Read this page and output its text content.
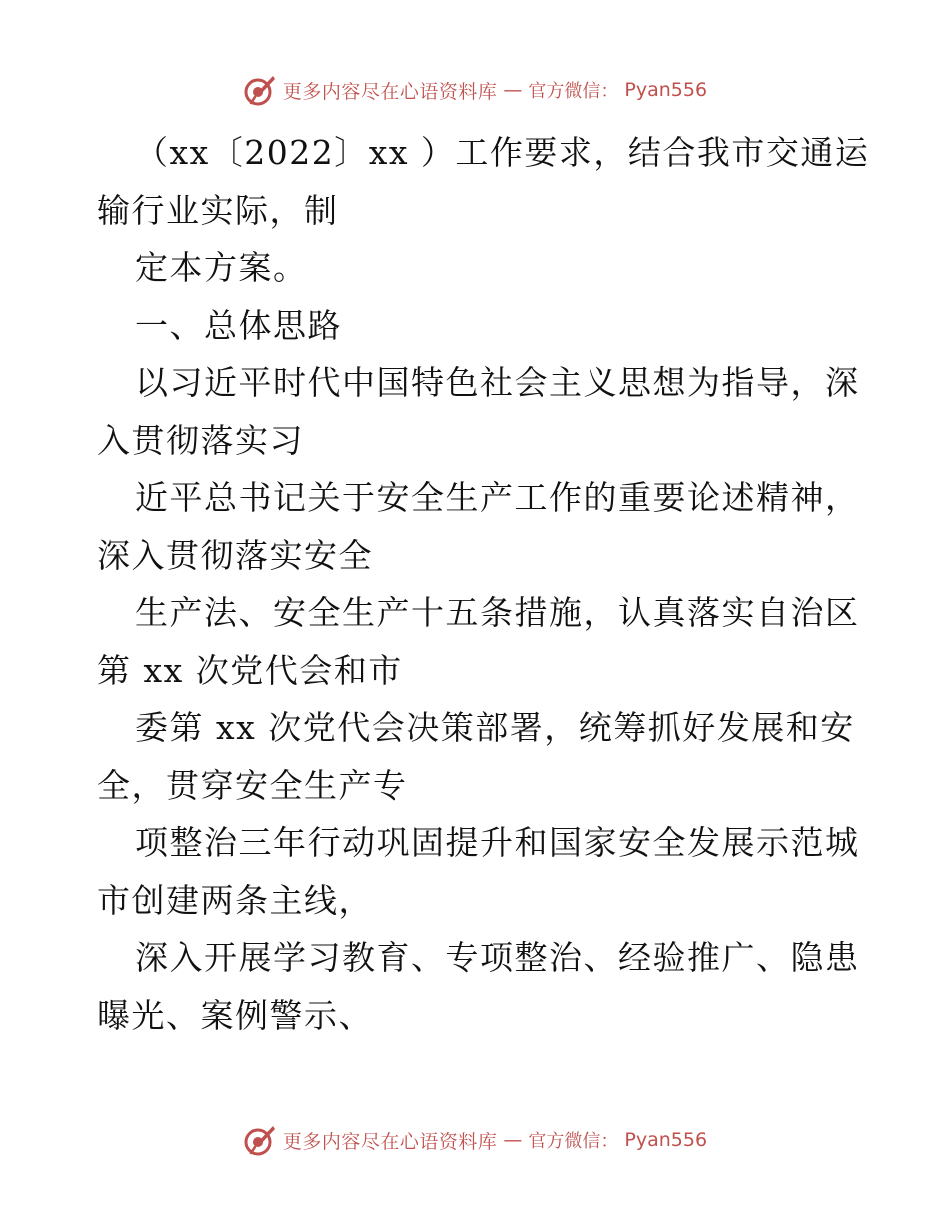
更多内容尽在心语资料库 — 官方微信： Pyan556
（xx〔2022〕xx ）工作要求，结合我市交通运
输行业实际，制
定本方案。
一、总体思路
以习近平时代中国特色社会主义思想为指导，深
入贯彻落实习
近平总书记关于安全生产工作的重要论述精神，
深入贯彻落实安全
生产法、安全生产十五条措施，认真落实自治区
第 xx 次党代会和市
委第 xx 次党代会决策部署，统筹抓好发展和安
全，贯穿安全生产专
项整治三年行动巩固提升和国家安全发展示范城
市创建两条主线，
深入开展学习教育、专项整治、经验推广、隐患
曝光、案例警示、
更多内容尽在心语资料库 — 官方微信： Pyan556
